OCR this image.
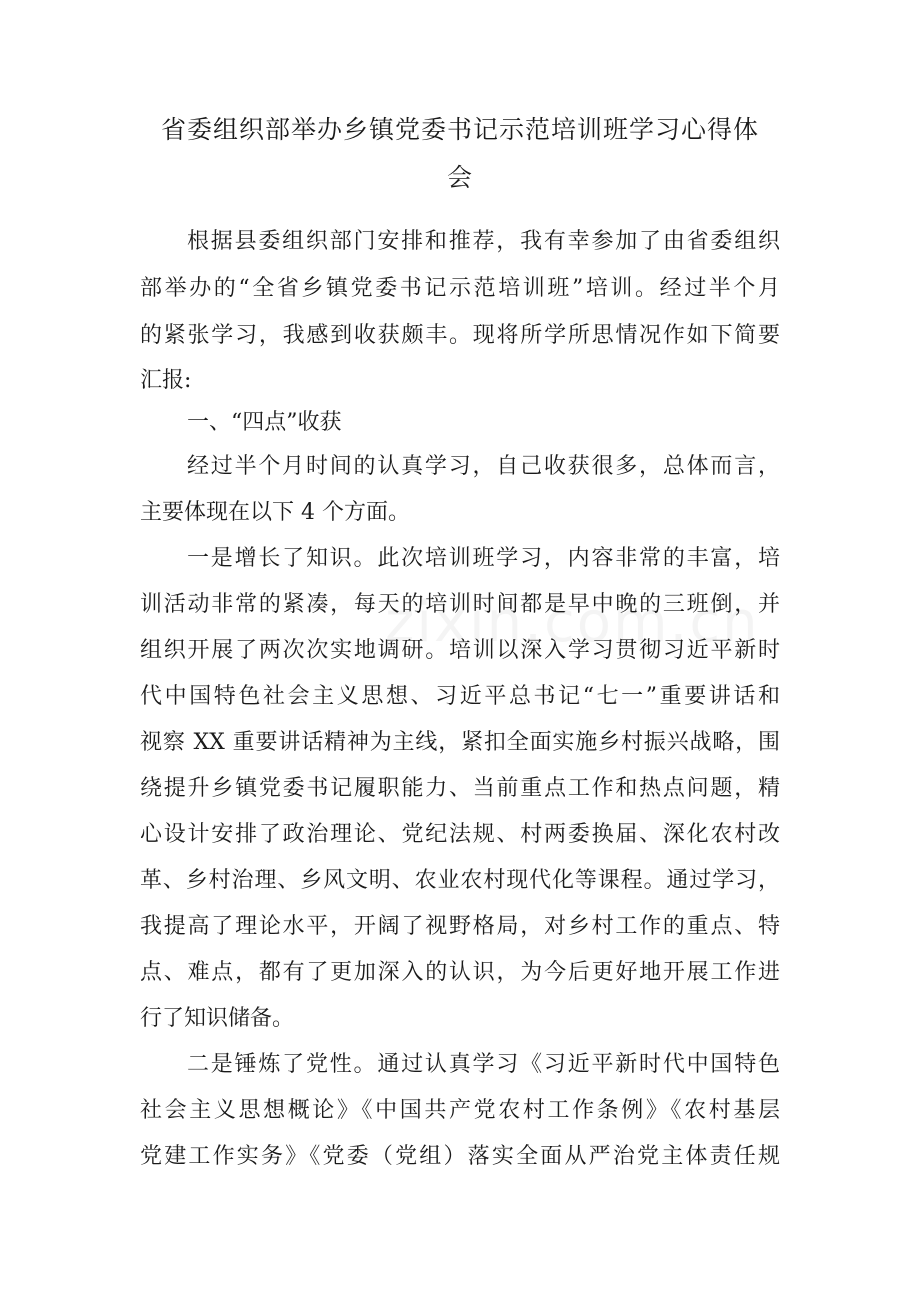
省委组织部举办乡镇党委书记示范培训班学习心得体
会
根据县委组织部门安排和推荐，我有幸参加了由省委组织
部举办的“全省乡镇党委书记示范培训班”培训。经过半个月
的紧张学习，我感到收获颇丰。现将所学所思情况作如下简要
汇报:
一、“四点”收获
经过半个月时间的认真学习，自己收获很多，总体而言，
主要体现在以下 4 个方面。
一是增长了知识。此次培训班学习，内容非常的丰富，培
训活动非常的紧凑，每天的培训时间都是早中晚的三班倒，并
组织开展了两次次实地调研。培训以深入学习贯彻习近平新时
代中国特色社会主义思想、习近平总书记“七一”重要讲话和
视察 XX 重要讲话精神为主线，紧扣全面实施乡村振兴战略，围
绕提升乡镇党委书记履职能力、当前重点工作和热点问题，精
心设计安排了政治理论、党纪法规、村两委换届、深化农村改
革、乡村治理、乡风文明、农业农村现代化等课程。通过学习，
我提高了理论水平，开阔了视野格局，对乡村工作的重点、特
点、难点，都有了更加深入的认识，为今后更好地开展工作进
行了知识储备。
二是锤炼了党性。通过认真学习《习近平新时代中国特色
社会主义思想概论》《中国共产党农村工作条例》《农村基层
党建工作实务》《党委（党组）落实全面从严治党主体责任规
